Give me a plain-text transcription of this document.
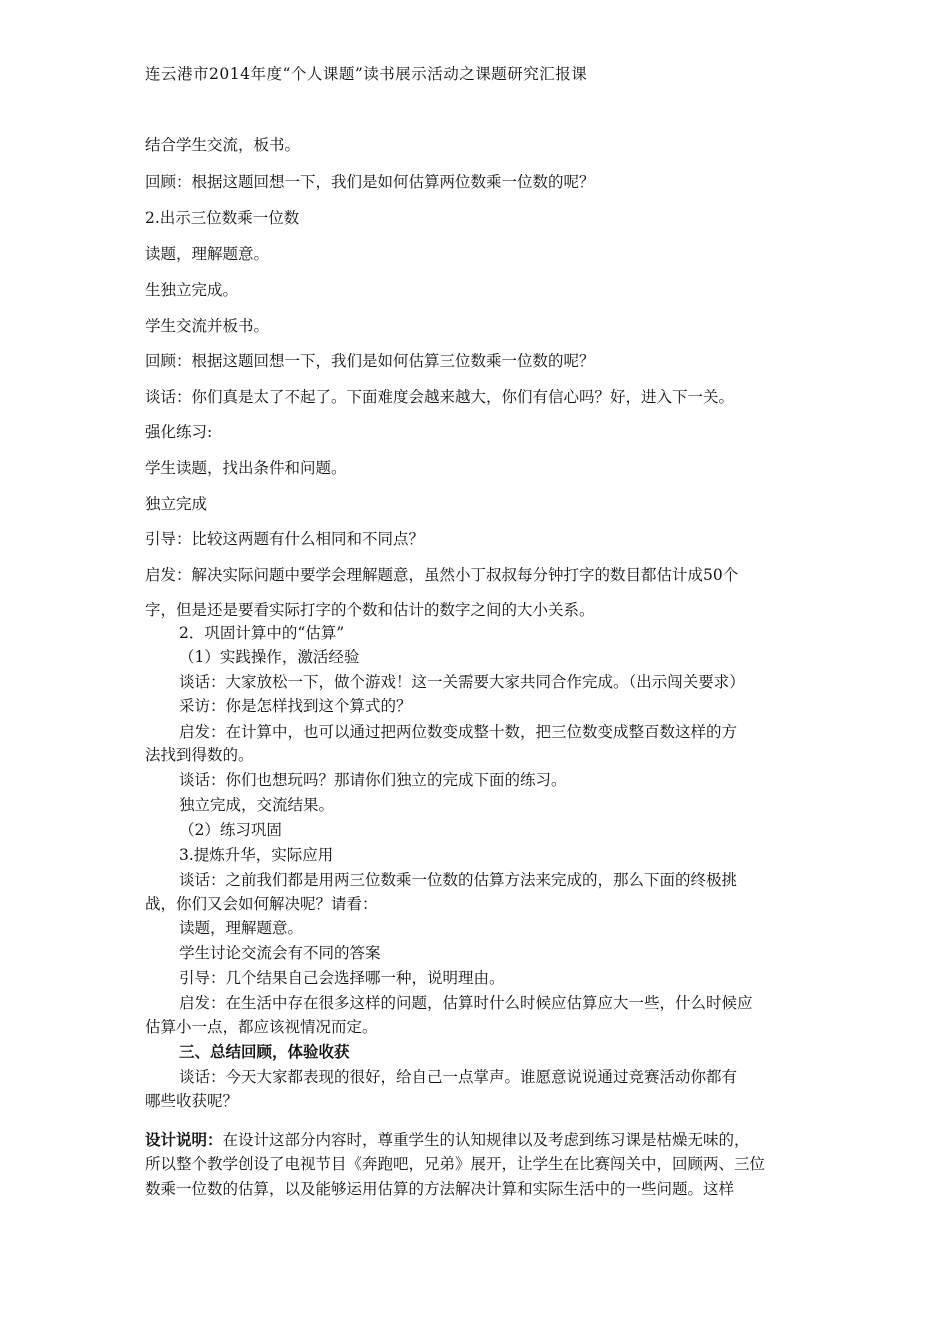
连云港市2014年度“个人课题”读书展示活动之课题研究汇报课
结合学生交流，板书。
回顾：根据这题回想一下，我们是如何估算两位数乘一位数的呢？
2.出示三位数乘一位数
读题，理解题意。
生独立完成。
学生交流并板书。
回顾：根据这题回想一下，我们是如何估算三位数乘一位数的呢？
谈话：你们真是太了不起了。下面难度会越来越大，你们有信心吗？好，进入下一关。
强化练习:
学生读题，找出条件和问题。
独立完成
引导：比较这两题有什么相同和不同点？
启发：解决实际问题中要学会理解题意，虽然小丁叔叔每分钟打字的数目都估计成50个
字，但是还是要看实际打字的个数和估计的数字之间的大小关系。
2．巩固计算中的“估算”
（1）实践操作，激活经验
谈话：大家放松一下，做个游戏！这一关需要大家共同合作完成。（出示闯关要求）
采访：你是怎样找到这个算式的？
启发：在计算中，也可以通过把两位数变成整十数，把三位数变成整百数这样的方
法找到得数的。
谈话：你们也想玩吗？那请你们独立的完成下面的练习。
独立完成，交流结果。
（2）练习巩固
3.提炼升华，实际应用
谈话：之前我们都是用两三位数乘一位数的估算方法来完成的，那么下面的终极挑
战，你们又会如何解决呢？请看：
读题，理解题意。
学生讨论交流会有不同的答案
引导：几个结果自己会选择哪一种，说明理由。
启发：在生活中存在很多这样的问题，估算时什么时候应估算应大一些，什么时候应
估算小一点，都应该视情况而定。
三、总结回顾，体验收获
谈话：今天大家都表现的很好，给自己一点掌声。谁愿意说说通过竞赛活动你都有
哪些收获呢？
设计说明：在设计这部分内容时，尊重学生的认知规律以及考虑到练习课是枯燥无味的，
所以整个教学创设了电视节目《奔跑吧，兄弟》展开，让学生在比赛闯关中，回顾两、三位
数乘一位数的估算，以及能够运用估算的方法解决计算和实际生活中的一些问题。这样
